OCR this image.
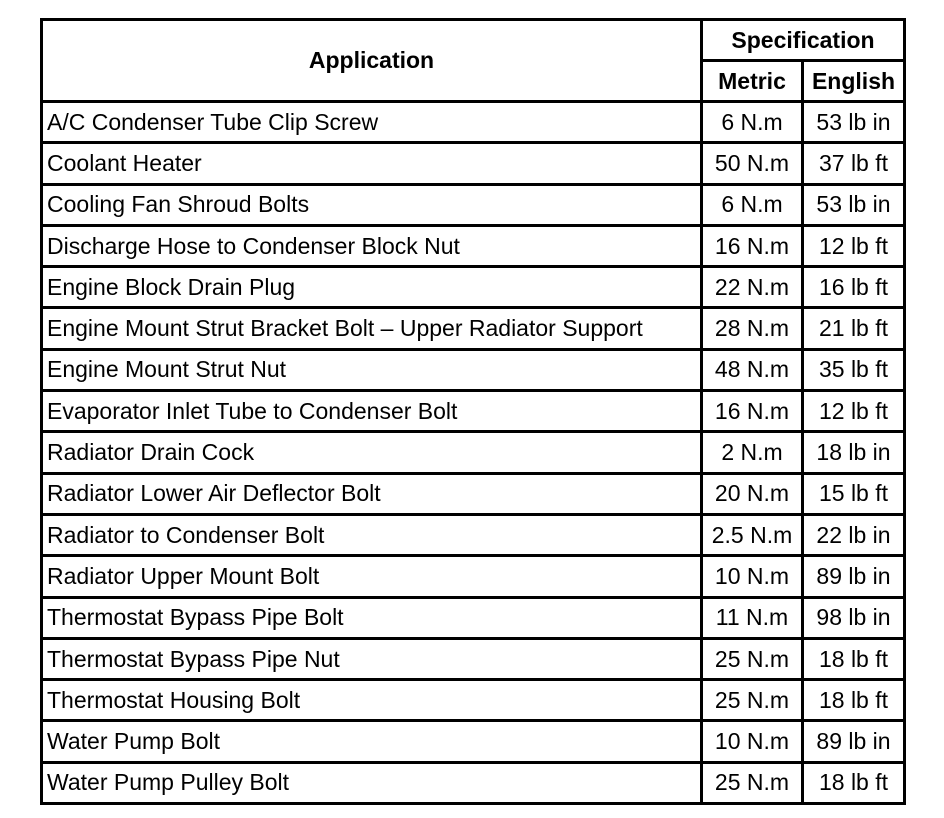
Application	Specification	
	Metric	English
A/C Condenser Tube Clip Screw	6 N.m	53 lb in
Coolant Heater	50 N.m	37 lb ft
Cooling Fan Shroud Bolts	6 N.m	53 lb in
Discharge Hose to Condenser Block Nut	16 N.m	12 lb ft
Engine Block Drain Plug	22 N.m	16 lb ft
Engine Mount Strut Bracket Bolt – Upper Radiator Support	28 N.m	21 lb ft
Engine Mount Strut Nut	48 N.m	35 lb ft
Evaporator Inlet Tube to Condenser Bolt	16 N.m	12 lb ft
Radiator Drain Cock	2 N.m	18 lb in
Radiator Lower Air Deflector Bolt	20 N.m	15 lb ft
Radiator to Condenser Bolt	2.5 N.m	22 lb in
Radiator Upper Mount Bolt	10 N.m	89 lb in
Thermostat Bypass Pipe Bolt	11 N.m	98 lb in
Thermostat Bypass Pipe Nut	25 N.m	18 lb ft
Thermostat Housing Bolt	25 N.m	18 lb ft
Water Pump Bolt	10 N.m	89 lb in
Water Pump Pulley Bolt	25 N.m	18 lb ft
